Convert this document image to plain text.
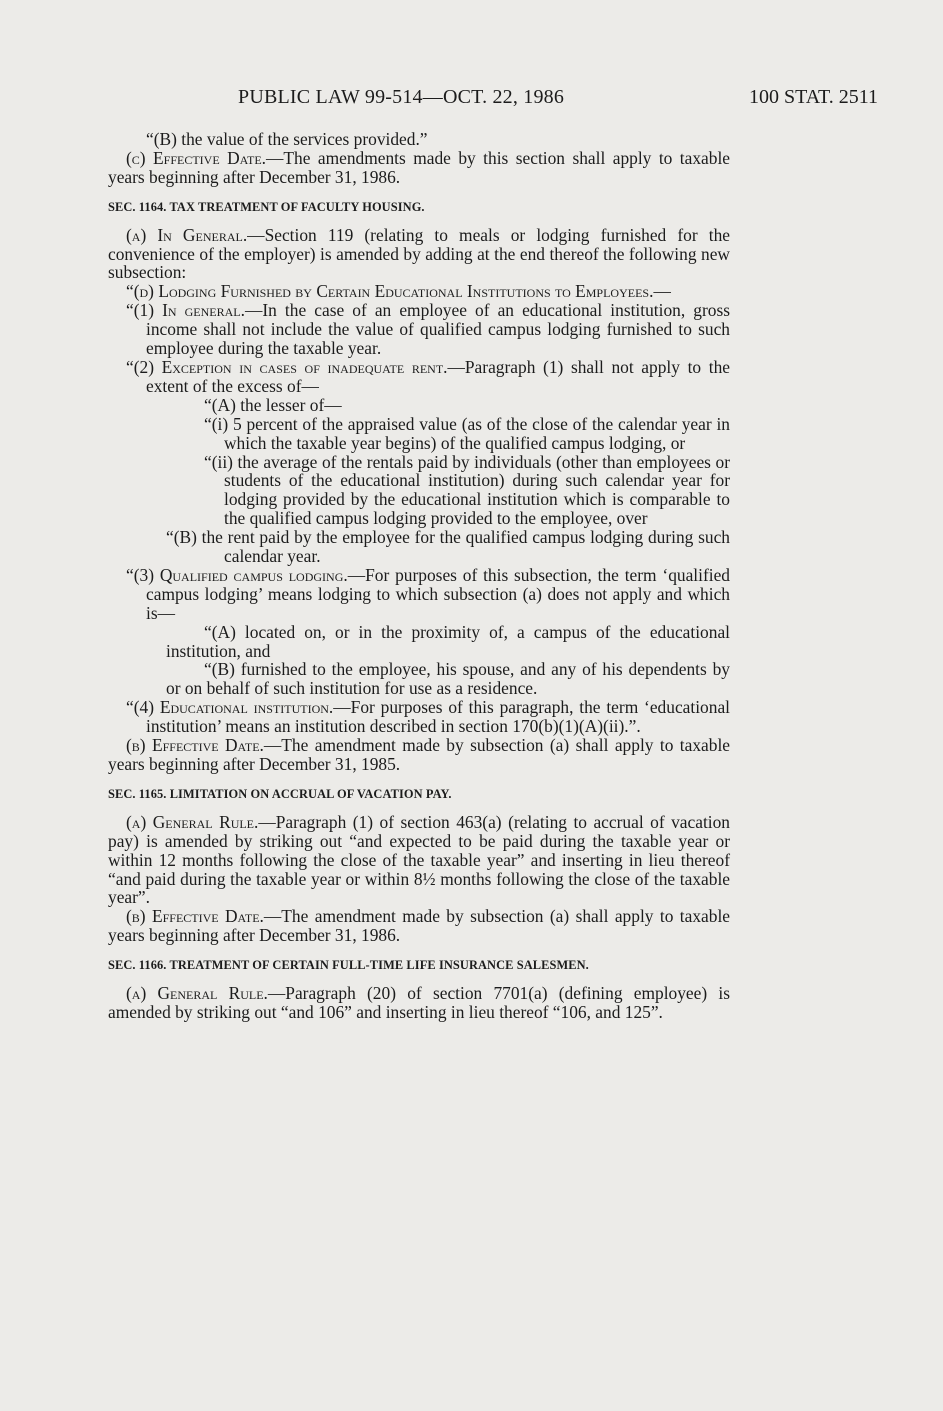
PUBLIC LAW 99-514—OCT. 22, 1986	100 STAT. 2511

“(B) the value of the services provided.”

(c) Effective Date.—The amendments made by this section shall apply to taxable years beginning after December 31, 1986.

SEC. 1164. TAX TREATMENT OF FACULTY HOUSING.

(a) In General.—Section 119 (relating to meals or lodging furnished for the convenience of the employer) is amended by adding at the end thereof the following new subsection:

“(d) Lodging Furnished by Certain Educational Institutions to Employees.—

“(1) In general.—In the case of an employee of an educational institution, gross income shall not include the value of qualified campus lodging furnished to such employee during the taxable year.

“(2) Exception in cases of inadequate rent.—Paragraph (1) shall not apply to the extent of the excess of—

“(A) the lesser of—

“(i) 5 percent of the appraised value (as of the close of the calendar year in which the taxable year begins) of the qualified campus lodging, or

“(ii) the average of the rentals paid by individuals (other than employees or students of the educational institution) during such calendar year for lodging provided by the educational institution which is comparable to the qualified campus lodging provided to the employee, over

“(B) the rent paid by the employee for the qualified campus lodging during such calendar year.

“(3) Qualified campus lodging.—For purposes of this subsection, the term ‘qualified campus lodging’ means lodging to which subsection (a) does not apply and which is—

“(A) located on, or in the proximity of, a campus of the educational institution, and

“(B) furnished to the employee, his spouse, and any of his dependents by or on behalf of such institution for use as a residence.

“(4) Educational institution.—For purposes of this paragraph, the term ‘educational institution’ means an institution described in section 170(b)(1)(A)(ii).”.

(b) Effective Date.—The amendment made by subsection (a) shall apply to taxable years beginning after December 31, 1985.

SEC. 1165. LIMITATION ON ACCRUAL OF VACATION PAY.

(a) General Rule.—Paragraph (1) of section 463(a) (relating to accrual of vacation pay) is amended by striking out “and expected to be paid during the taxable year or within 12 months following the close of the taxable year” and inserting in lieu thereof “and paid during the taxable year or within 8½ months following the close of the taxable year”.

(b) Effective Date.—The amendment made by subsection (a) shall apply to taxable years beginning after December 31, 1986.

SEC. 1166. TREATMENT OF CERTAIN FULL-TIME LIFE INSURANCE SALESMEN.

(a) General Rule.—Paragraph (20) of section 7701(a) (defining employee) is amended by striking out “and 106” and inserting in lieu thereof “106, and 125”.
